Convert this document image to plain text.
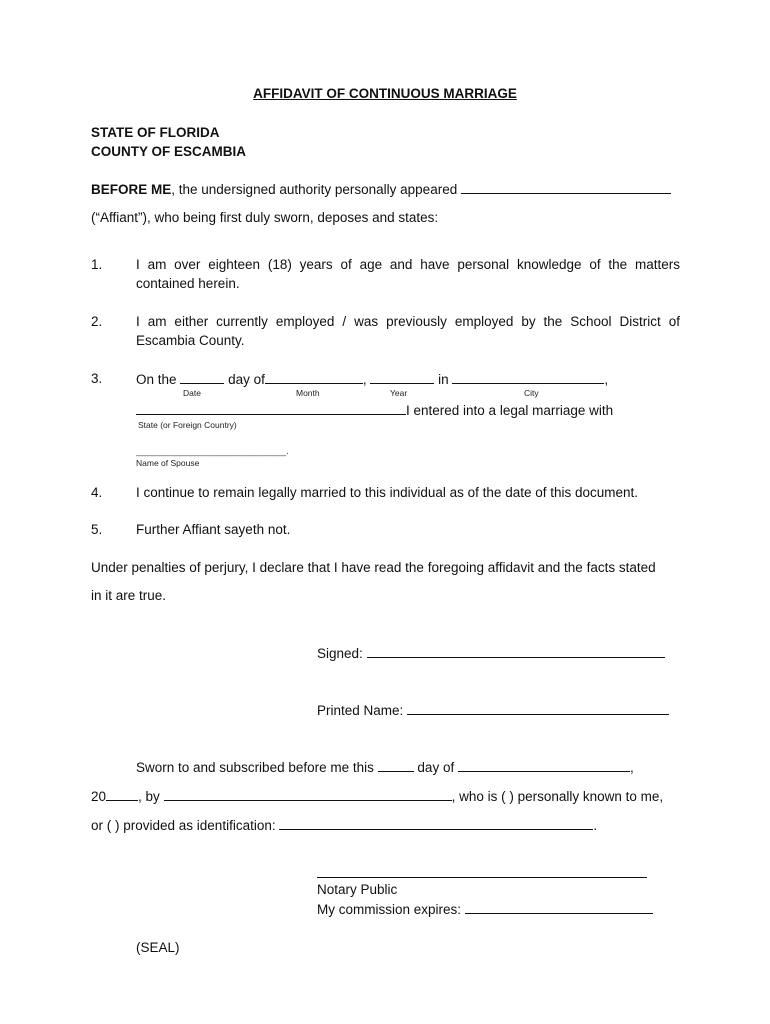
AFFIDAVIT OF CONTINUOUS MARRIAGE
STATE OF FLORIDA
COUNTY OF ESCAMBIA
BEFORE ME, the undersigned authority personally appeared
(“Affiant”), who being first duly sworn, deposes and states:
1. I am over eighteen (18) years of age and have personal knowledge of the matters
contained herein.
2. I am either currently employed / was previously employed by the School District of
Escambia County.
3. On the	day of	,	in	,
Date	Month	Year	City
I entered into a legal marriage with
State (or Foreign Country)
___________________________.
Name of Spouse
4. I continue to remain legally married to this individual as of the date of this document.
5. Further Affiant sayeth not.
Under penalties of perjury, I declare that I have read the foregoing affidavit and the facts stated
in it are true.
Signed:
Printed Name:
Sworn to and subscribed before me this	day of	,
20 , by	, who is ( ) personally known to me,
or ( ) provided as identification:	.
Notary Public
My commission expires:
(SEAL)
